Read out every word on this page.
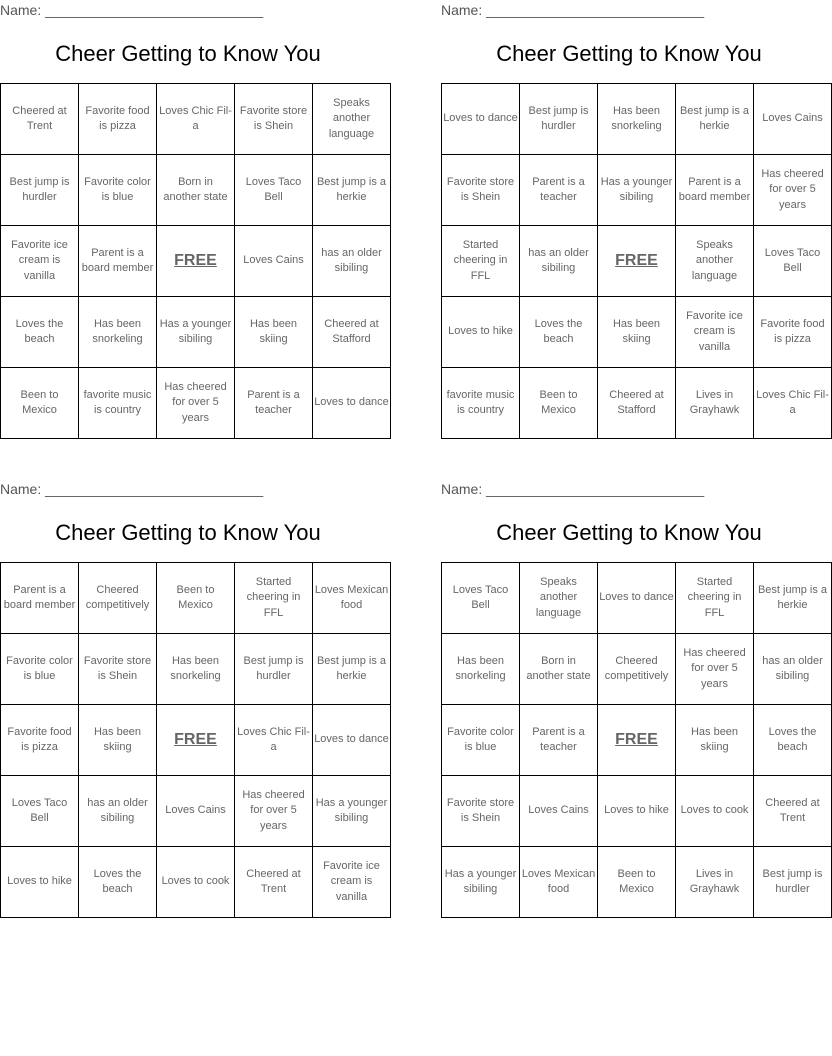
Name: ____________________________
Cheer Getting to Know You
Cheered at Trent	Favorite food is pizza	Loves Chic Fil-a	Favorite store is Shein	Speaks another language
Best jump is hurdler	Favorite color is blue	Born in another state	Loves Taco Bell	Best jump is a herkie
Favorite ice cream is vanilla	Parent is a board member	FREE	Loves Cains	has an older sibiling
Loves the beach	Has been snorkeling	Has a younger sibiling	Has been skiing	Cheered at Stafford
Been to Mexico	favorite music is country	Has cheered for over 5 years	Parent is a teacher	Loves to dance
Name: ____________________________
Cheer Getting to Know You
Loves to dance	Best jump is hurdler	Has been snorkeling	Best jump is a herkie	Loves Cains
Favorite store is Shein	Parent is a teacher	Has a younger sibiling	Parent is a board member	Has cheered for over 5 years
Started cheering in FFL	has an older sibiling	FREE	Speaks another language	Loves Taco Bell
Loves to hike	Loves the beach	Has been skiing	Favorite ice cream is vanilla	Favorite food is pizza
favorite music is country	Been to Mexico	Cheered at Stafford	Lives in Grayhawk	Loves Chic Fil-a
Name: ____________________________
Cheer Getting to Know You
Parent is a board member	Cheered competitively	Been to Mexico	Started cheering in FFL	Loves Mexican food
Favorite color is blue	Favorite store is Shein	Has been snorkeling	Best jump is hurdler	Best jump is a herkie
Favorite food is pizza	Has been skiing	FREE	Loves Chic Fil-a	Loves to dance
Loves Taco Bell	has an older sibiling	Loves Cains	Has cheered for over 5 years	Has a younger sibiling
Loves to hike	Loves the beach	Loves to cook	Cheered at Trent	Favorite ice cream is vanilla
Name: ____________________________
Cheer Getting to Know You
Loves Taco Bell	Speaks another language	Loves to dance	Started cheering in FFL	Best jump is a herkie
Has been snorkeling	Born in another state	Cheered competitively	Has cheered for over 5 years	has an older sibiling
Favorite color is blue	Parent is a teacher	FREE	Has been skiing	Loves the beach
Favorite store is Shein	Loves Cains	Loves to hike	Loves to cook	Cheered at Trent
Has a younger sibiling	Loves Mexican food	Been to Mexico	Lives in Grayhawk	Best jump is hurdler
